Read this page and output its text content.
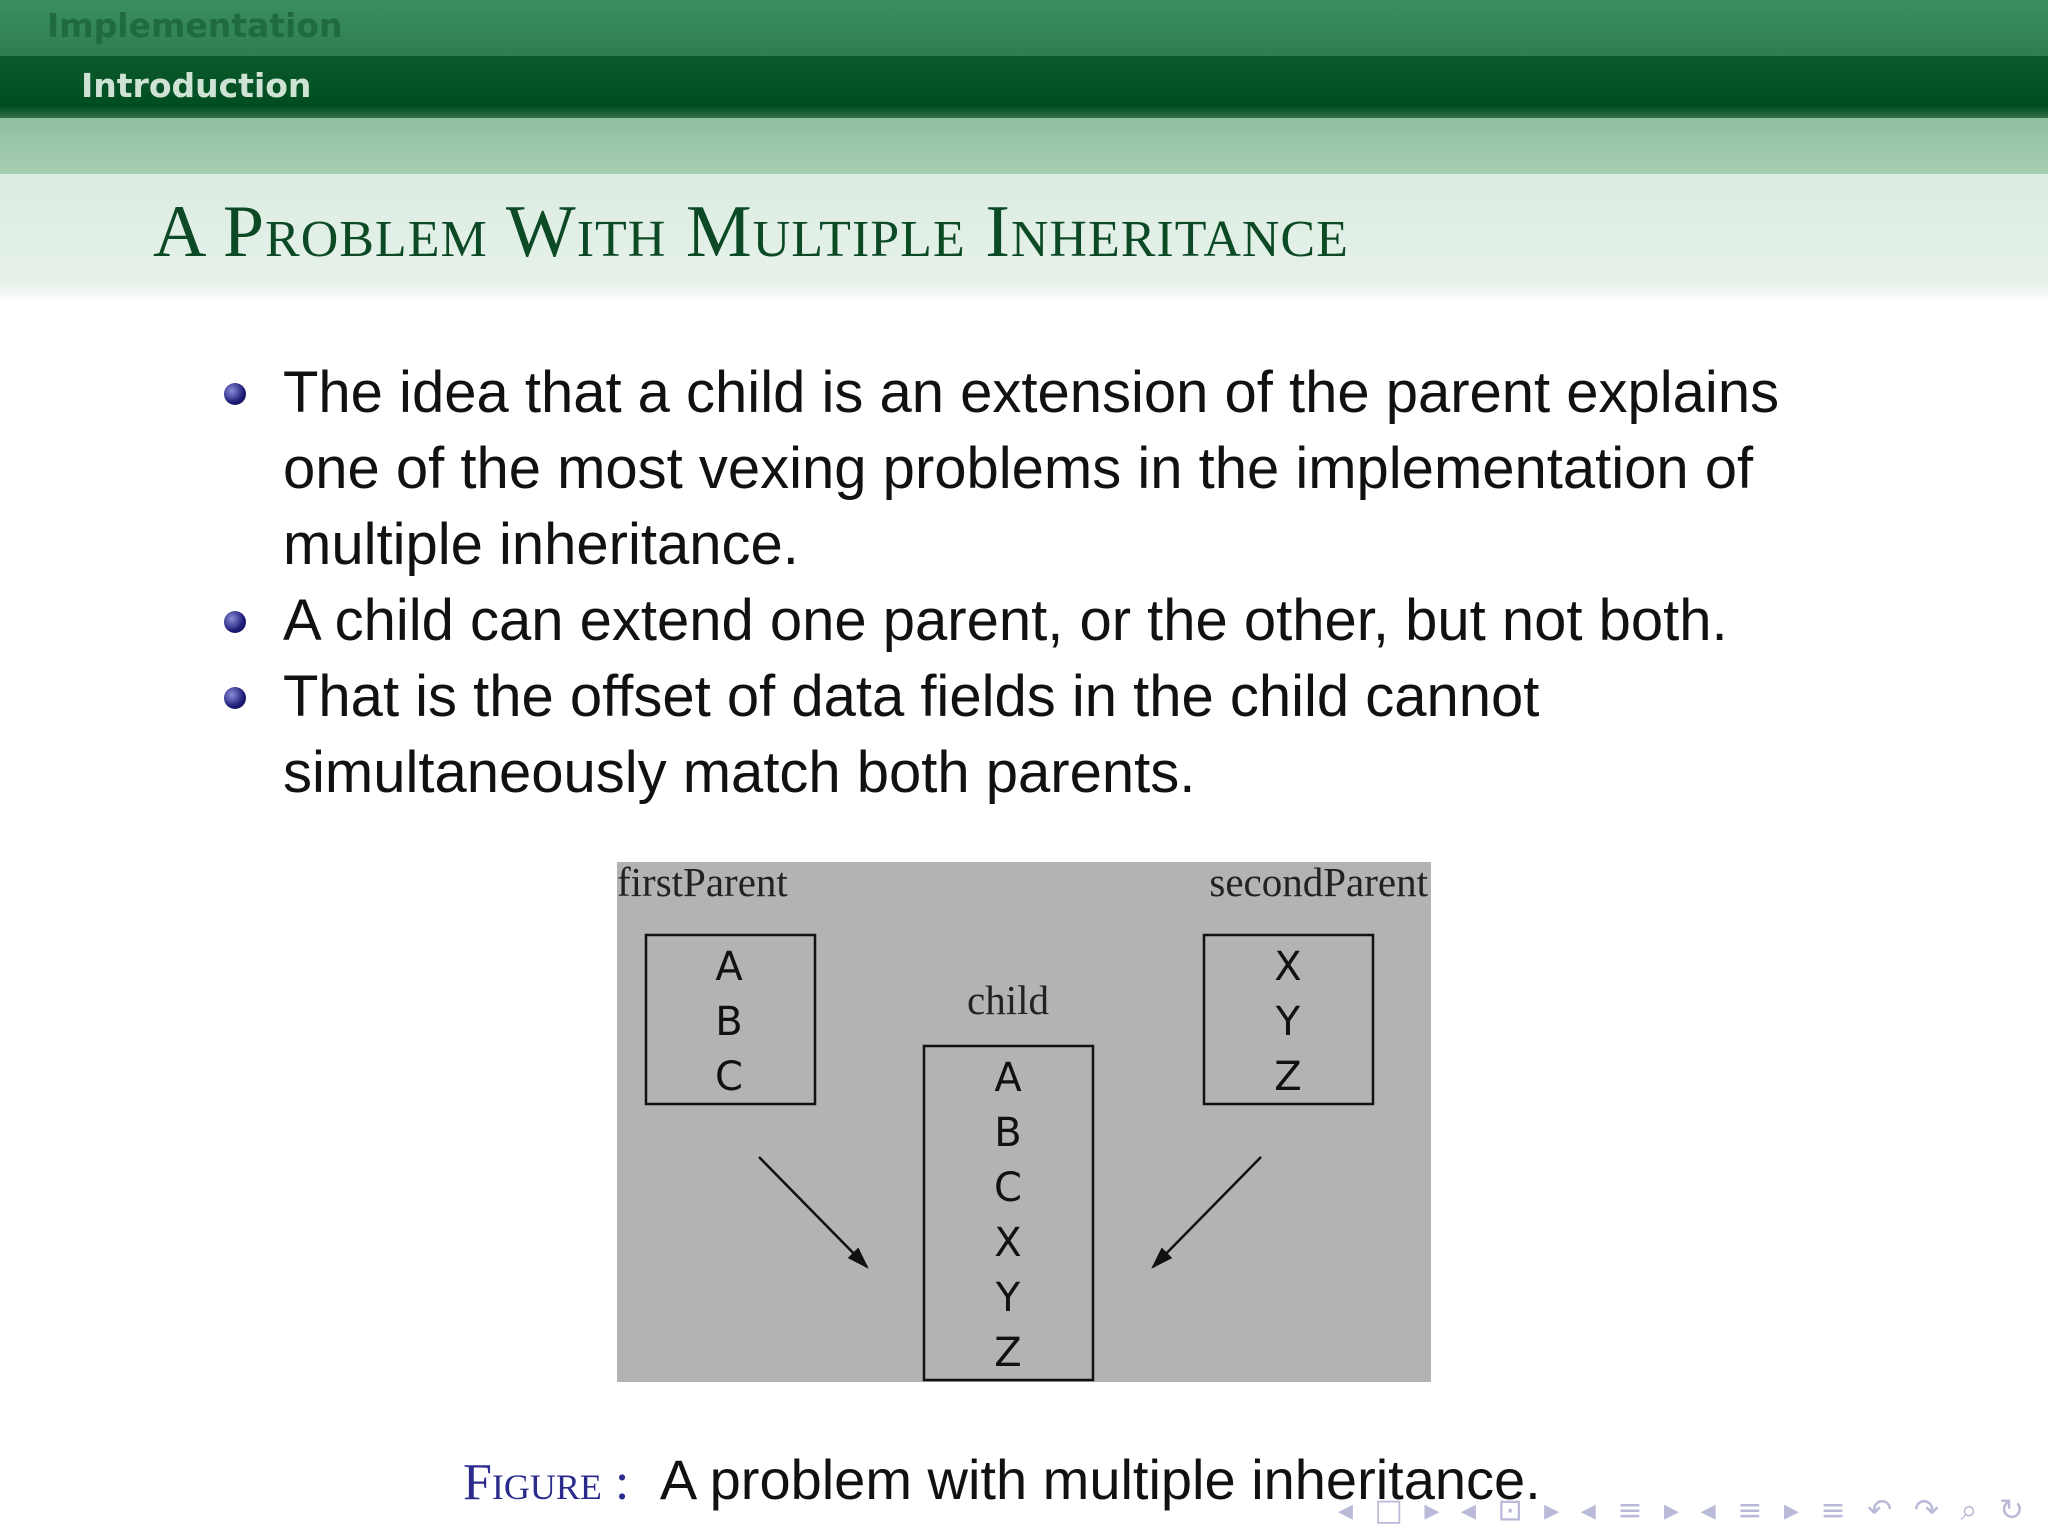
Implementation
Introduction
A Problem With Multiple Inheritance
The idea that a child is an extension of the parent explains one of the most vexing problems in the implementation of multiple inheritance.
A child can extend one parent, or the other, but not both.
That is the offset of data fields in the child cannot simultaneously match both parents.
firstParent	secondParent
child
A
B
C
X
Y
Z
A
B
C
X
Y
Z
Figure : A problem with multiple inheritance.
◂ □ ▸ ◂ ⊡ ▸ ◂ ≡ ▸ ◂ ≡ ▸ ≡ ↶ ↷ ⌕ ↻
